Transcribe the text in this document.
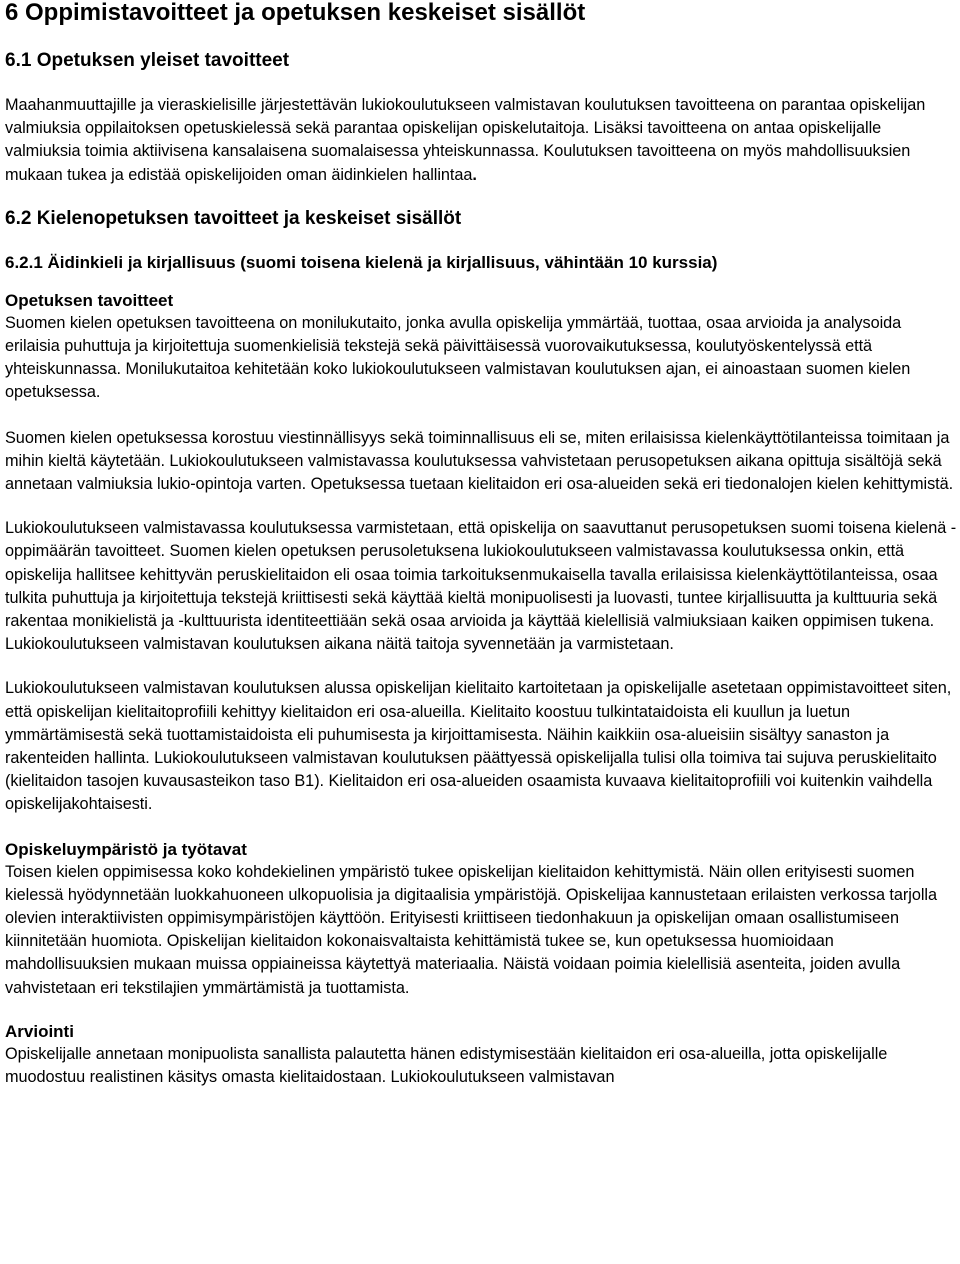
6 Oppimistavoitteet ja opetuksen keskeiset sisällöt
6.1 Opetuksen yleiset tavoitteet

Maahanmuuttajille ja vieraskielisille järjestettävän lukiokoulutukseen valmistavan koulutuksen tavoitteena on parantaa opiskelijan valmiuksia oppilaitoksen opetuskielessä sekä parantaa opiskelijan opiskelutaitoja. Lisäksi tavoitteena on antaa opiskelijalle valmiuksia toimia aktiivisena kansalaisena suomalaisessa yhteiskunnassa. Koulutuksen tavoitteena on myös mahdollisuuksien mukaan tukea ja edistää opiskelijoiden oman äidinkielen hallintaa.

6.2 Kielenopetuksen tavoitteet ja keskeiset sisällöt
6.2.1 Äidinkieli ja kirjallisuus (suomi toisena kielenä ja kirjallisuus, vähintään 10 kurssia)
Opetuksen tavoitteet

Suomen kielen opetuksen tavoitteena on monilukutaito, jonka avulla opiskelija ymmärtää, tuottaa, osaa arvioida ja analysoida erilaisia puhuttuja ja kirjoitettuja suomenkielisiä tekstejä sekä päivittäisessä vuorovaikutuksessa, koulutyöskentelyssä että yhteiskunnassa. Monilukutaitoa kehitetään koko lukiokoulutukseen valmistavan koulutuksen ajan, ei ainoastaan suomen kielen opetuksessa.

Suomen kielen opetuksessa korostuu viestinnällisyys sekä toiminnallisuus eli se, miten erilaisissa kielenkäyttötilanteissa toimitaan ja mihin kieltä käytetään. Lukiokoulutukseen valmistavassa koulutuksessa vahvistetaan perusopetuksen aikana opittuja sisältöjä sekä annetaan valmiuksia lukio-opintoja varten. Opetuksessa tuetaan kielitaidon eri osa-alueiden sekä eri tiedonalojen kielen kehittymistä.

Lukiokoulutukseen valmistavassa koulutuksessa varmistetaan, että opiskelija on saavuttanut perusopetuksen suomi toisena kielenä -oppimäärän tavoitteet. Suomen kielen opetuksen perusoletuksena lukiokoulutukseen valmistavassa koulutuksessa onkin, että opiskelija hallitsee kehittyvän peruskielitaidon eli osaa toimia tarkoituksenmukaisella tavalla erilaisissa kielenkäyttötilanteissa, osaa tulkita puhuttuja ja kirjoitettuja tekstejä kriittisesti sekä käyttää kieltä monipuolisesti ja luovasti, tuntee kirjallisuutta ja kulttuuria sekä rakentaa monikielistä ja -kulttuurista identiteettiään sekä osaa arvioida ja käyttää kielellisiä valmiuksiaan kaiken oppimisen tukena. Lukiokoulutukseen valmistavan koulutuksen aikana näitä taitoja syvennetään ja varmistetaan.

Lukiokoulutukseen valmistavan koulutuksen alussa opiskelijan kielitaito kartoitetaan ja opiskelijalle asetetaan oppimistavoitteet siten, että opiskelijan kielitaitoprofiili kehittyy kielitaidon eri osa-alueilla. Kielitaito koostuu tulkintataidoista eli kuullun ja luetun ymmärtämisestä sekä tuottamistaidoista eli puhumisesta ja kirjoittamisesta. Näihin kaikkiin osa-alueisiin sisältyy sanaston ja rakenteiden hallinta. Lukiokoulutukseen valmistavan koulutuksen päättyessä opiskelijalla tulisi olla toimiva tai sujuva peruskielitaito (kielitaidon tasojen kuvausasteikon taso B1). Kielitaidon eri osa-alueiden osaamista kuvaava kielitaitoprofiili voi kuitenkin vaihdella opiskelijakohtaisesti.

Opiskeluympäristö ja työtavat

Toisen kielen oppimisessa koko kohdekielinen ympäristö tukee opiskelijan kielitaidon kehittymistä. Näin ollen erityisesti suomen kielessä hyödynnetään luokkahuoneen ulkopuolisia ja digitaalisia ympäristöjä. Opiskelijaa kannustetaan erilaisten verkossa tarjolla olevien interaktiivisten oppimisympäristöjen käyttöön. Erityisesti kriittiseen tiedonhakuun ja opiskelijan omaan osallistumiseen kiinnitetään huomiota. Opiskelijan kielitaidon kokonaisvaltaista kehittämistä tukee se, kun opetuksessa huomioidaan mahdollisuuksien mukaan muissa oppiaineissa käytettyä materiaalia. Näistä voidaan poimia kielellisiä asenteita, joiden avulla vahvistetaan eri tekstilajien ymmärtämistä ja tuottamista.

Arviointi

Opiskelijalle annetaan monipuolista sanallista palautetta hänen edistymisestään kielitaidon eri osa-alueilla, jotta opiskelijalle muodostuu realistinen käsitys omasta kielitaidostaan. Lukiokoulutukseen valmistavan
